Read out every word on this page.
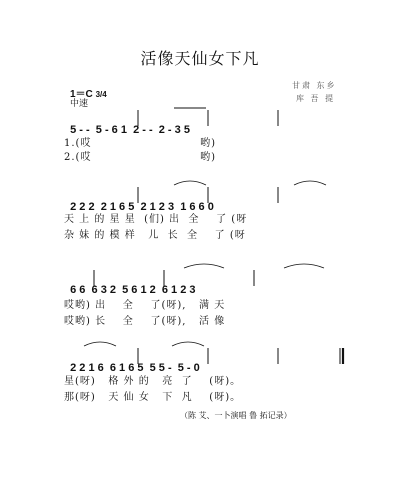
活像天仙女下凡
1＝C 3/4
中速
甘肃 东乡
库 吾 提

5 - -  5 - 6 1  2 - -  2 - 3 5

1.(哎                          哟)
2.(哎                          哟)

2 2 2  2 1 6 5  2 1 2 3  1 6 6 0

天 上 的 星 星  (们) 出  全    了 (呀
杂 妹 的 模 样   儿  长  全    了 (呀

6 6  6 3 2  5 6 1 2  6 1 2 3

哎哟) 出    全    了(呀),   满 天
哎哟) 长    全    了(呀),   活 像

2 2 1 6  6 1 6 5  5 5 -  5 - 0

星(呀)   格 外 的   亮  了    (呀)。
那(呀)   天 仙 女   下  凡    (呀)。
（陈 艾、一卜演唱 鲁 拓记录）
